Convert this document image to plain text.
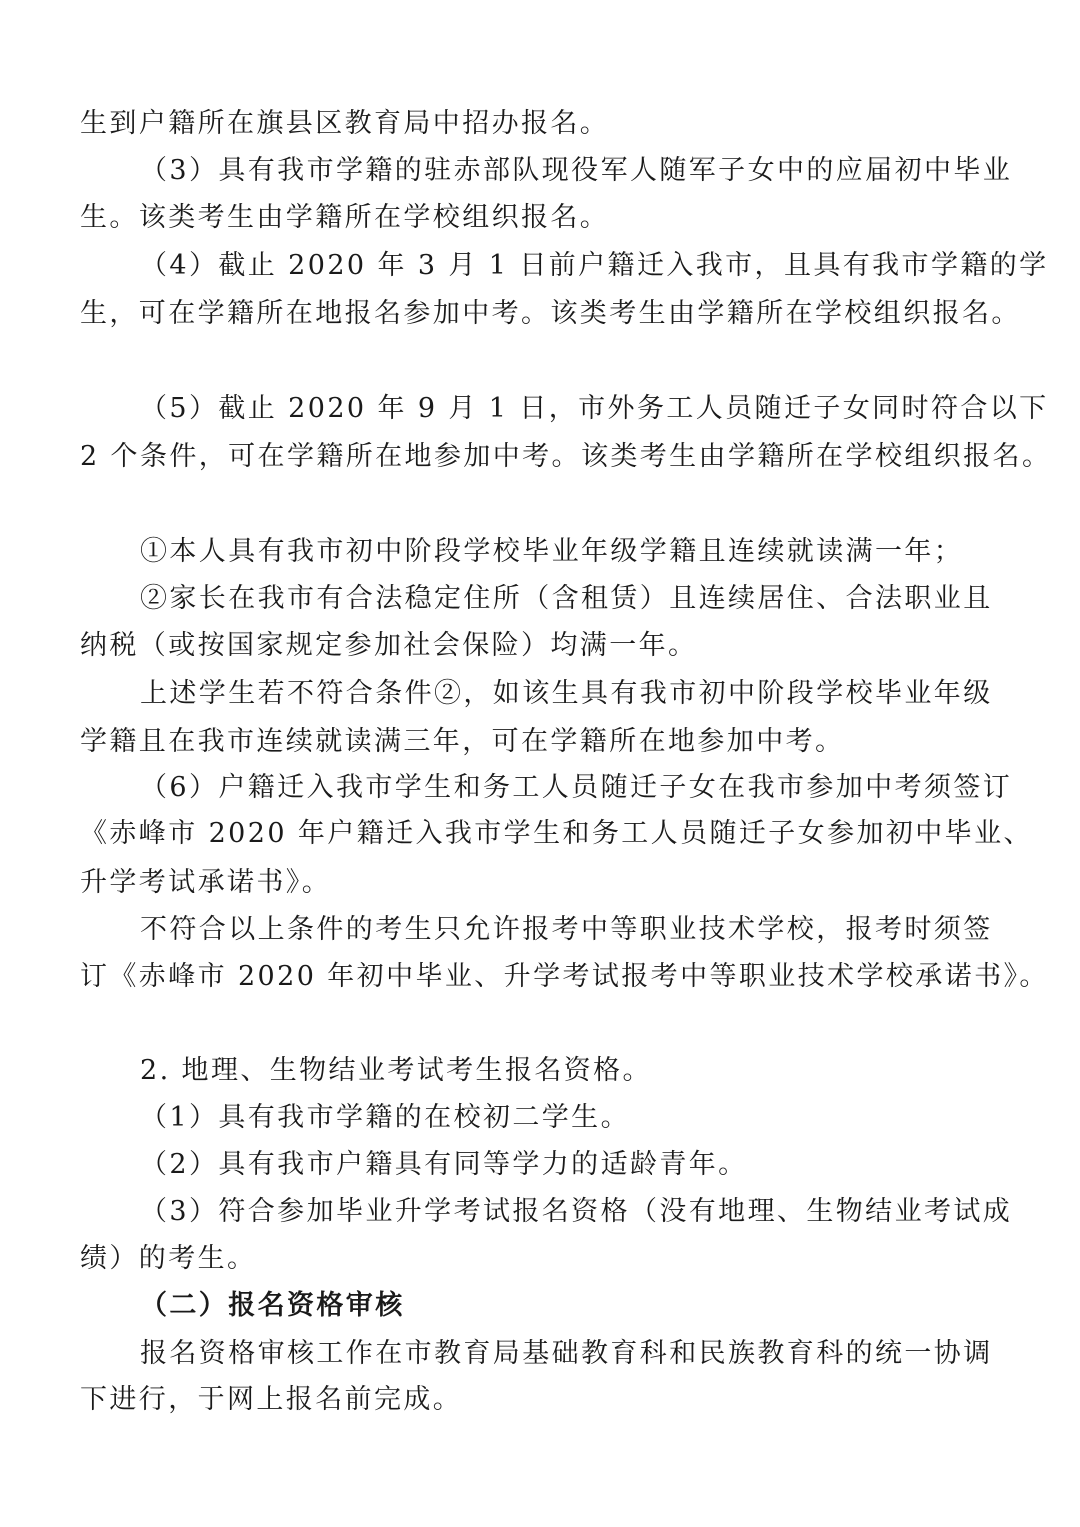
生到户籍所在旗县区教育局中招办报名。
（3）具有我市学籍的驻赤部队现役军人随军子女中的应届初中毕业
生。该类考生由学籍所在学校组织报名。
（4）截止 2020 年 3 月 1 日前户籍迁入我市，且具有我市学籍的学
生，可在学籍所在地报名参加中考。该类考生由学籍所在学校组织报名。
（5）截止 2020 年 9 月 1 日，市外务工人员随迁子女同时符合以下
2 个条件，可在学籍所在地参加中考。该类考生由学籍所在学校组织报名。
①本人具有我市初中阶段学校毕业年级学籍且连续就读满一年；
②家长在我市有合法稳定住所（含租赁）且连续居住、合法职业且
纳税（或按国家规定参加社会保险）均满一年。
上述学生若不符合条件②，如该生具有我市初中阶段学校毕业年级
学籍且在我市连续就读满三年，可在学籍所在地参加中考。
（6）户籍迁入我市学生和务工人员随迁子女在我市参加中考须签订
《赤峰市 2020 年户籍迁入我市学生和务工人员随迁子女参加初中毕业、
升学考试承诺书》。
不符合以上条件的考生只允许报考中等职业技术学校，报考时须签
订《赤峰市 2020 年初中毕业、升学考试报考中等职业技术学校承诺书》。
2. 地理、生物结业考试考生报名资格。
（1）具有我市学籍的在校初二学生。
（2）具有我市户籍具有同等学力的适龄青年。
（3）符合参加毕业升学考试报名资格（没有地理、生物结业考试成
绩）的考生。
（二）报名资格审核
报名资格审核工作在市教育局基础教育科和民族教育科的统一协调
下进行，于网上报名前完成。
